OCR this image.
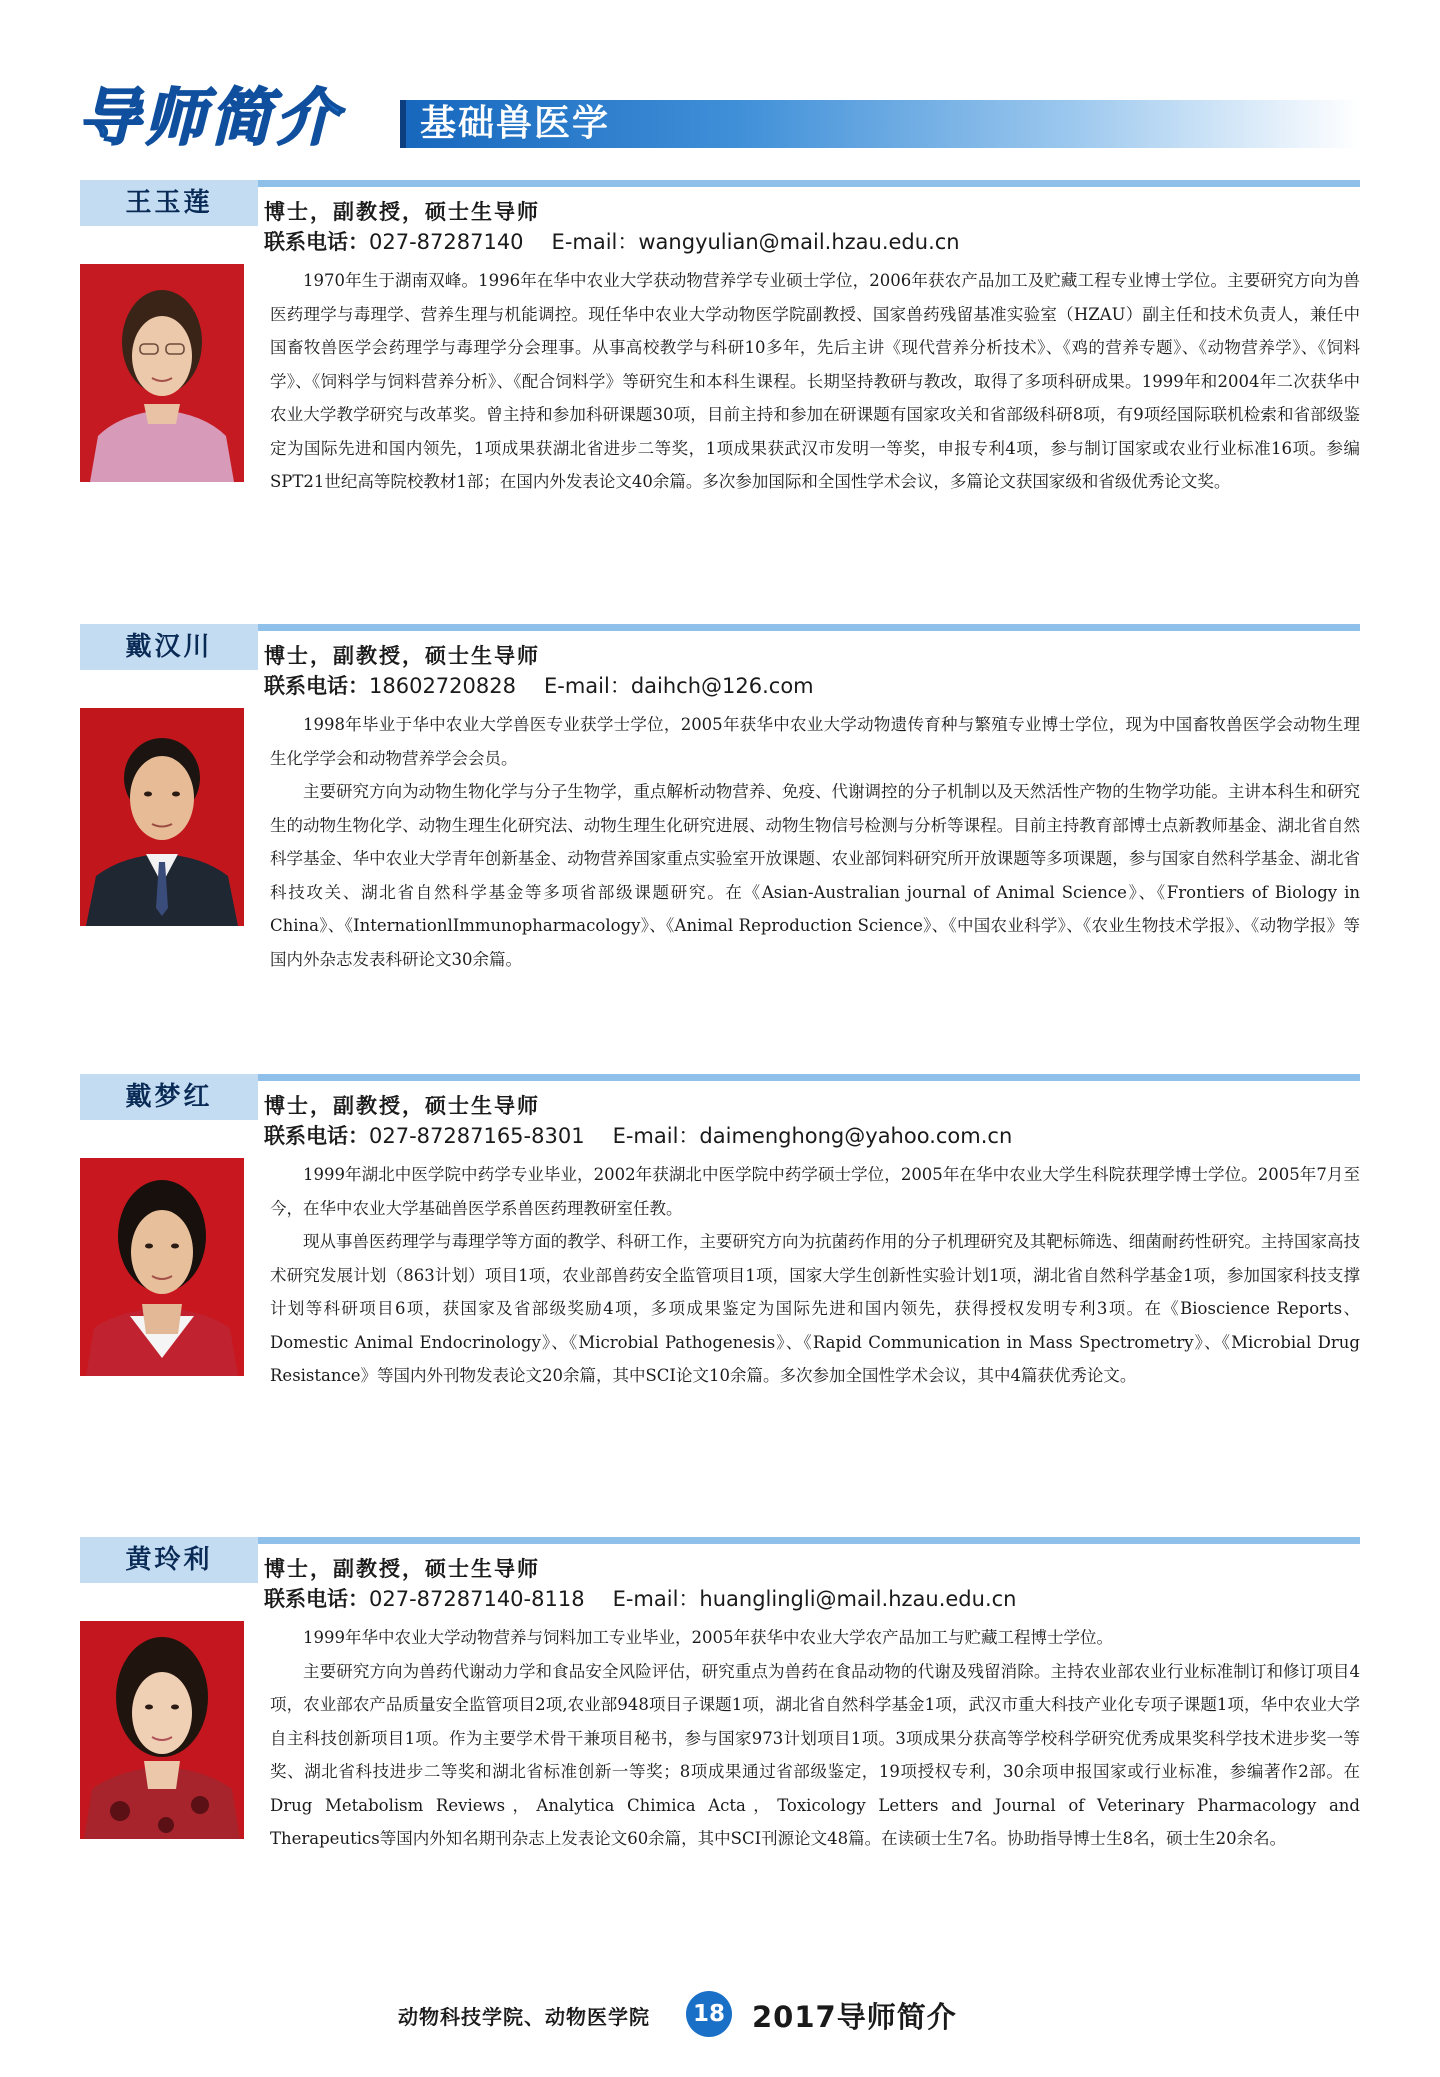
导师简介 基础兽医学
王玉莲	博士，副教授，硕士生导师
联系电话：027-87287140 E-mail：wangyulian@mail.hzau.edu.cn

1970年生于湖南双峰。1996年在华中农业大学获动物营养学专业硕士学位，2006年获农产品加工及贮藏工程专业博士学位。主要研究方向为兽医药理学与毒理学、营养生理与机能调控。现任华中农业大学动物医学院副教授、国家兽药残留基准实验室（HZAU）副主任和技术负责人，兼任中国畜牧兽医学会药理学与毒理学分会理事。从事高校教学与科研10多年，先后主讲《现代营养分析技术》、《鸡的营养专题》、《动物营养学》、《饲料学》、《饲料学与饲料营养分析》、《配合饲料学》等研究生和本科生课程。长期坚持教研与教改，取得了多项科研成果。1999年和2004年二次获华中农业大学教学研究与改革奖。曾主持和参加科研课题30项，目前主持和参加在研课题有国家攻关和省部级科研8项，有9项经国际联机检索和省部级鉴定为国际先进和国内领先，1项成果获湖北省进步二等奖，1项成果获武汉市发明一等奖，申报专利4项，参与制订国家或农业行业标准16项。参编SPT21世纪高等院校教材1部；在国内外发表论文40余篇。多次参加国际和全国性学术会议，多篇论文获国家级和省级优秀论文奖。

戴汉川	博士，副教授，硕士生导师
联系电话：18602720828 E-mail：daihch@126.com

1998年毕业于华中农业大学兽医专业获学士学位，2005年获华中农业大学动物遗传育种与繁殖专业博士学位，现为中国畜牧兽医学会动物生理生化学学会和动物营养学会会员。

主要研究方向为动物生物化学与分子生物学，重点解析动物营养、免疫、代谢调控的分子机制以及天然活性产物的生物学功能。主讲本科生和研究生的动物生物化学、动物生理生化研究法、动物生理生化研究进展、动物生物信号检测与分析等课程。目前主持教育部博士点新教师基金、湖北省自然科学基金、华中农业大学青年创新基金、动物营养国家重点实验室开放课题、农业部饲料研究所开放课题等多项课题，参与国家自然科学基金、湖北省科技攻关、湖北省自然科学基金等多项省部级课题研究。在《Asian-Australian journal of Animal Science》、《Frontiers of Biology in China》、《InternationlImmunopharmacology》、《Animal Reproduction Science》、《中国农业科学》、《农业生物技术学报》、《动物学报》等国内外杂志发表科研论文30余篇。

戴梦红	博士，副教授，硕士生导师
联系电话：027-87287165-8301 E-mail：daimenghong@yahoo.com.cn

1999年湖北中医学院中药学专业毕业，2002年获湖北中医学院中药学硕士学位，2005年在华中农业大学生科院获理学博士学位。2005年7月至今，在华中农业大学基础兽医学系兽医药理教研室任教。

现从事兽医药理学与毒理学等方面的教学、科研工作，主要研究方向为抗菌药作用的分子机理研究及其靶标筛选、细菌耐药性研究。主持国家高技术研究发展计划（863计划）项目1项，农业部兽药安全监管项目1项，国家大学生创新性实验计划1项，湖北省自然科学基金1项，参加国家科技支撑计划等科研项目6项，获国家及省部级奖励4项，多项成果鉴定为国际先进和国内领先，获得授权发明专利3项。在《Bioscience Reports、Domestic Animal Endocrinology》、《Microbial Pathogenesis》、《Rapid Communication in Mass Spectrometry》、《Microbial Drug Resistance》等国内外刊物发表论文20余篇，其中SCI论文10余篇。多次参加全国性学术会议，其中4篇获优秀论文。

黄玲利	博士，副教授，硕士生导师
联系电话：027-87287140-8118 E-mail：huanglingli@mail.hzau.edu.cn

1999年华中农业大学动物营养与饲料加工专业毕业，2005年获华中农业大学农产品加工与贮藏工程博士学位。

主要研究方向为兽药代谢动力学和食品安全风险评估，研究重点为兽药在食品动物的代谢及残留消除。主持农业部农业行业标准制订和修订项目4项，农业部农产品质量安全监管项目2项,农业部948项目子课题1项，湖北省自然科学基金1项，武汉市重大科技产业化专项子课题1项，华中农业大学自主科技创新项目1项。作为主要学术骨干兼项目秘书，参与国家973计划项目1项。3项成果分获高等学校科学研究优秀成果奖科学技术进步奖一等奖、湖北省科技进步二等奖和湖北省标准创新一等奖；8项成果通过省部级鉴定，19项授权专利，30余项申报国家或行业标准，参编著作2部。在Drug Metabolism Reviews，Analytica Chimica Acta，Toxicology Letters and Journal of Veterinary Pharmacology and Therapeutics等国内外知名期刊杂志上发表论文60余篇，其中SCI刊源论文48篇。在读硕士生7名。协助指导博士生8名，硕士生20余名。

动物科技学院、动物医学院	18 2017导师简介
